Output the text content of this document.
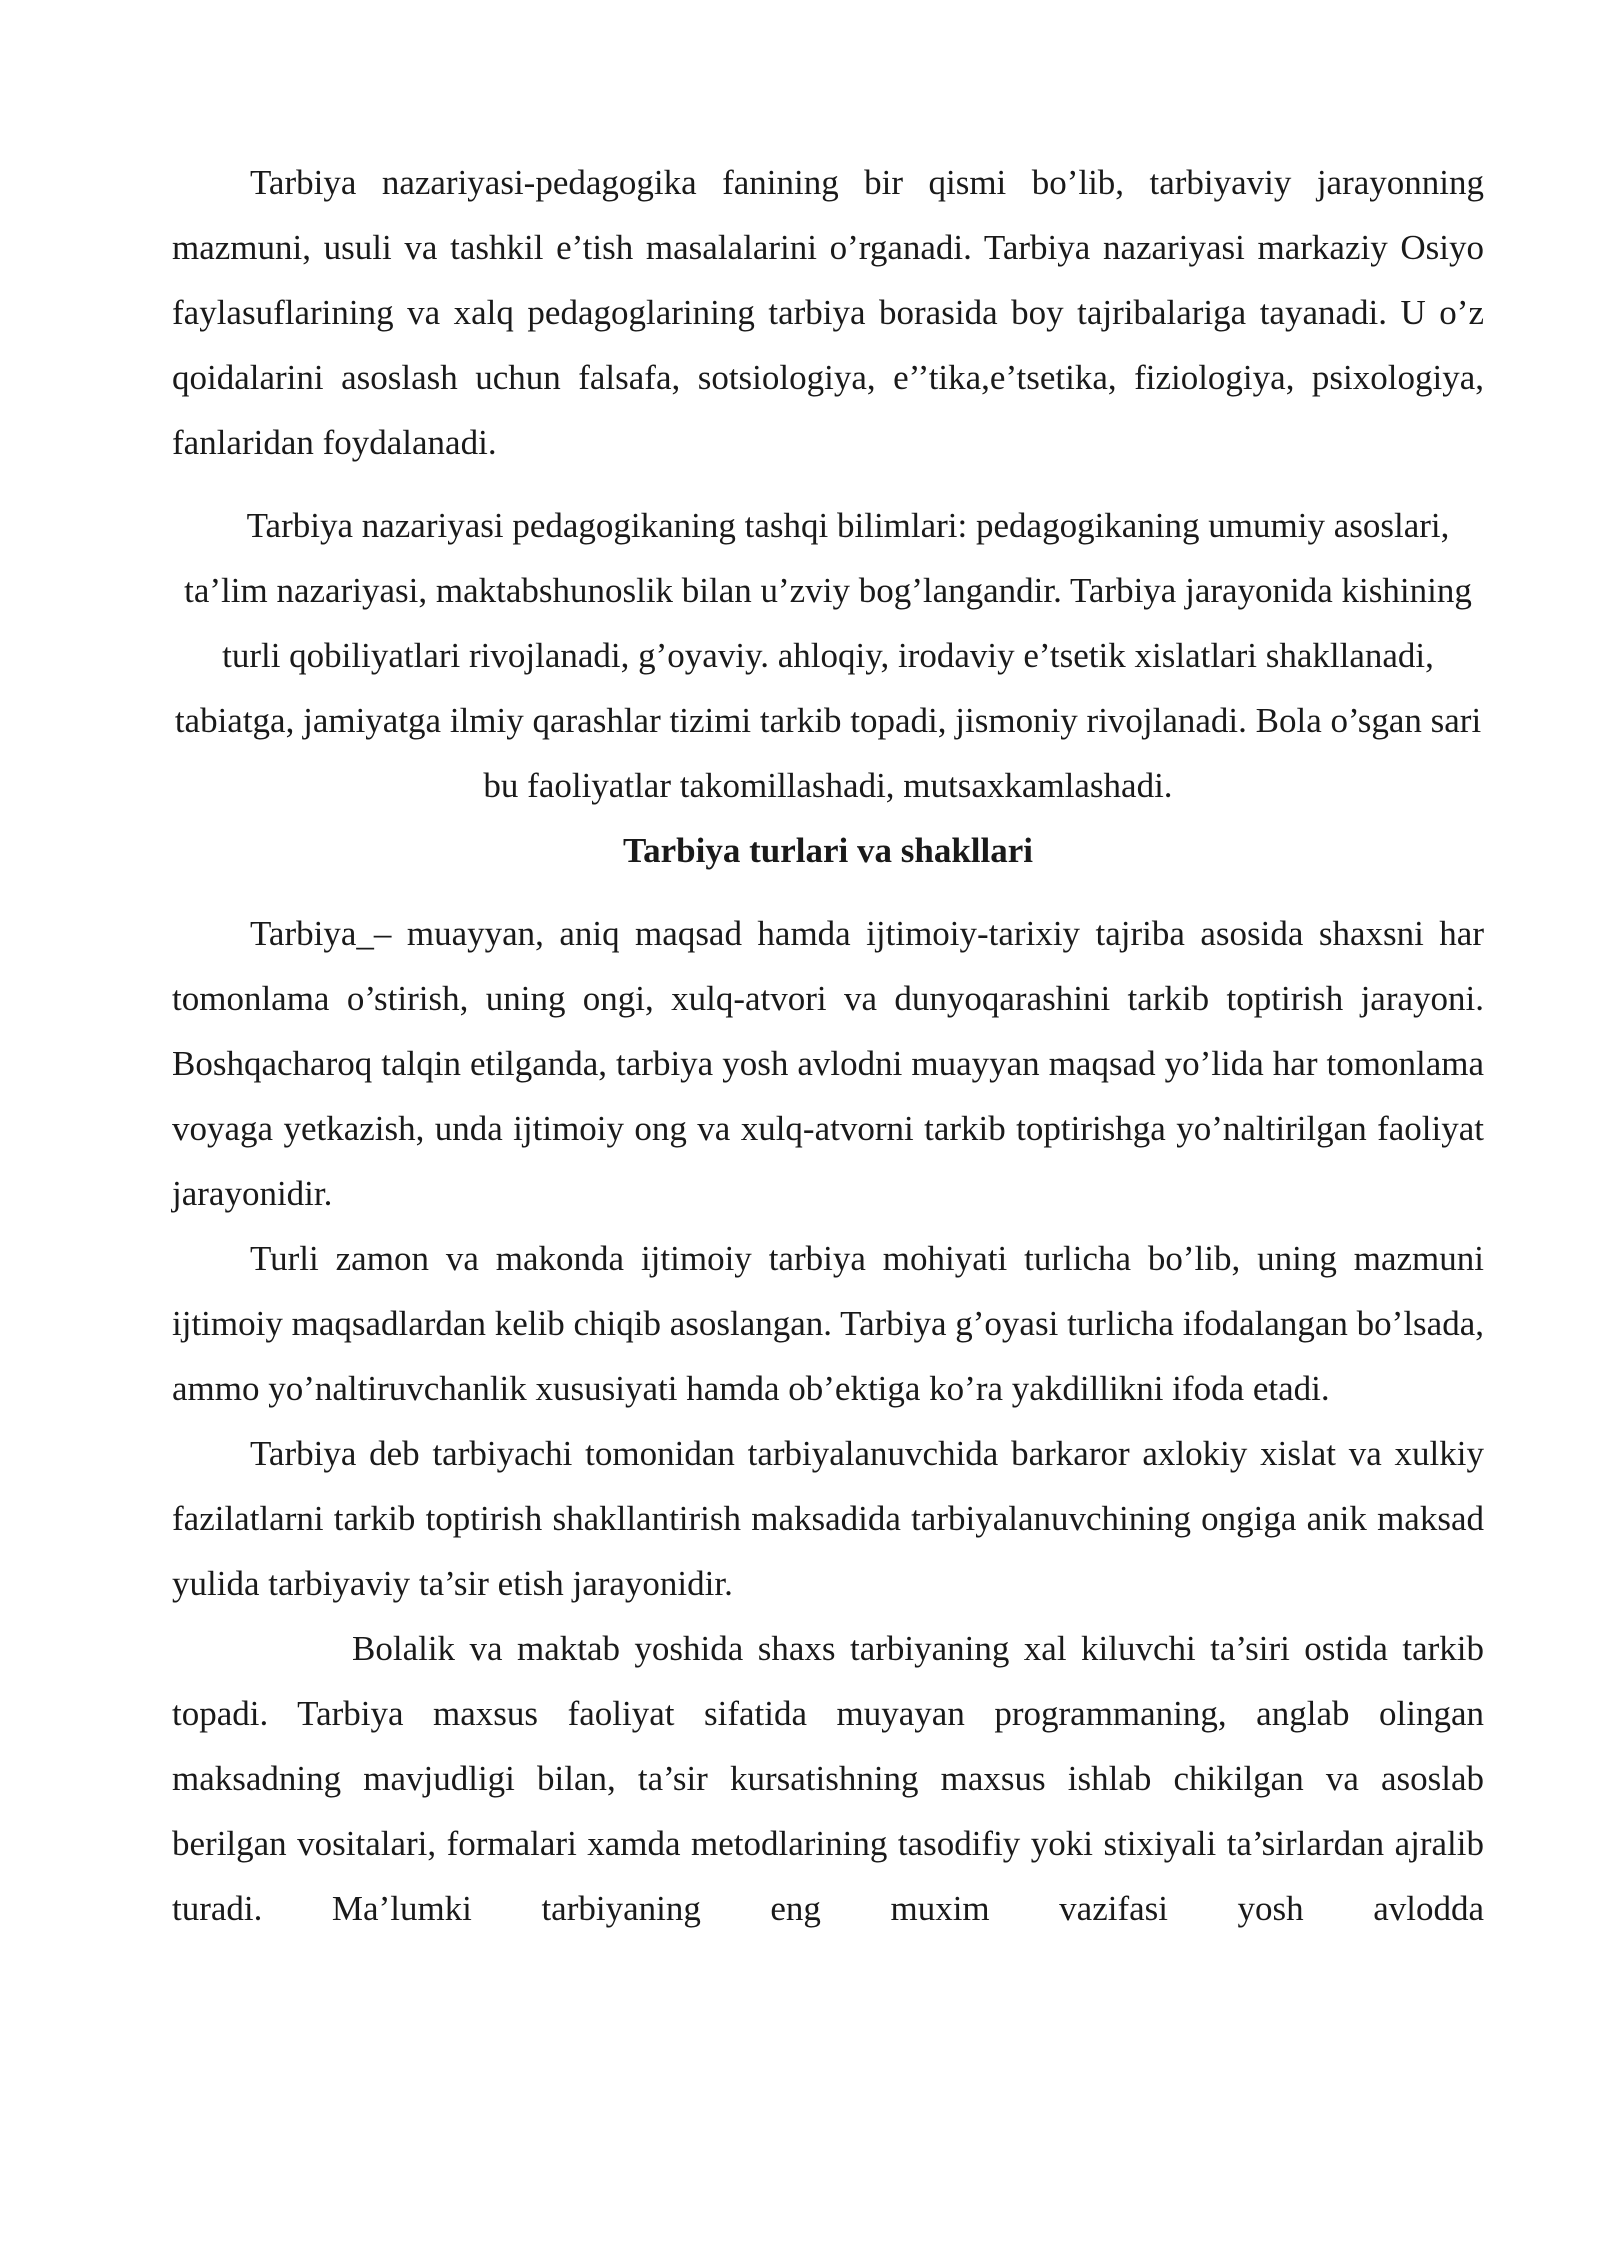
Tarbiya nazariyasi-pedagogika fanining bir qismi bo’lib, tarbiyaviy jarayonning mazmuni, usuli va tashkil e’tish masalalarini o’rganadi. Tarbiya nazariyasi markaziy Osiyo faylasuflarining va xalq pedagoglarining tarbiya borasida boy tajribalariga tayanadi. U o’z qoidalarini asoslash uchun falsafa, sotsiologiya, e’’tika,e’tsetika, fiziologiya, psixologiya, fanlaridan foydalanadi.

Tarbiya nazariyasi pedagogikaning tashqi bilimlari: pedagogikaning umumiy asoslari, ta’lim nazariyasi, maktabshunoslik bilan u’zviy bog’langandir. Tarbiya jarayonida kishining turli qobiliyatlari rivojlanadi, g’oyaviy. ahloqiy, irodaviy e’tsetik xislatlari shakllanadi, tabiatga, jamiyatga ilmiy qarashlar tizimi tarkib topadi, jismoniy rivojlanadi. Bola o’sgan sari bu faoliyatlar takomillashadi, mutsaxkamlashadi.

Tarbiya turlari va shakllari

Tarbiya_– muayyan, aniq maqsad hamda ijtimoiy-tarixiy tajriba asosida shaxsni har tomonlama o’stirish, uning ongi, xulq-atvori va dunyoqarashini tarkib toptirish jarayoni. Boshqacharoq talqin etilganda, tarbiya yosh avlodni muayyan maqsad yo’lida har tomonlama voyaga yetkazish, unda ijtimoiy ong va xulq-atvorni tarkib toptirishga yo’naltirilgan faoliyat jarayonidir.

Turli zamon va makonda ijtimoiy tarbiya mohiyati turlicha bo’lib, uning mazmuni ijtimoiy maqsadlardan kelib chiqib asoslangan. Tarbiya g’oyasi turlicha ifodalangan bo’lsada, ammo yo’naltiruvchanlik xususiyati hamda ob’ektiga ko’ra yakdillikni ifoda etadi.

Tarbiya deb tarbiyachi tomonidan tarbiyalanuvchida barkaror axlokiy xislat va xulkiy fazilatlarni tarkib toptirish shakllantirish maksadida tarbiyalanuvchining ongiga anik maksad yulida tarbiyaviy ta’sir etish jarayonidir.

Bolalik va maktab yoshida shaxs tarbiyaning xal kiluvchi ta’siri ostida tarkib topadi. Tarbiya maxsus faoliyat sifatida muyayan programmaning, anglab olingan maksadning mavjudligi bilan, ta’sir kursatishning maxsus ishlab chikilgan va asoslab berilgan vositalari, formalari xamda metodlarining tasodifiy yoki stixiyali ta’sirlardan ajralib turadi. Ma’lumki tarbiyaning eng muxim vazifasi yosh avlodda
